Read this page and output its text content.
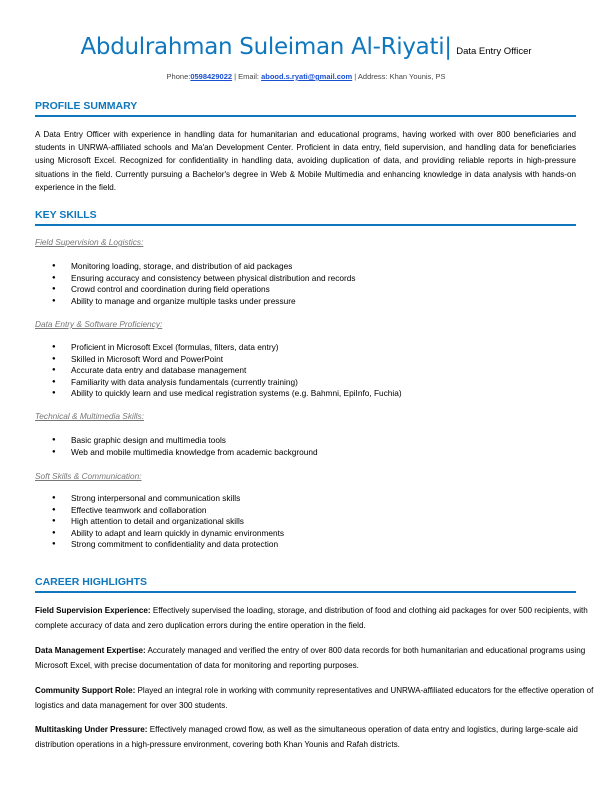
Abdulrahman Suleiman Al-Riyati| Data Entry Officer
Phone:0598429022 | Email: abood.s.ryati@gmail.com | Address: Khan Younis, PS
PROFILE SUMMARY
A Data Entry Officer with experience in handling data for humanitarian and educational programs, having worked with over 800 beneficiaries and students in UNRWA-affiliated schools and Ma'an Development Center. Proficient in data entry, field supervision, and handling data for beneficiaries using Microsoft Excel. Recognized for confidentiality in handling data, avoiding duplication of data, and providing reliable reports in high-pressure situations in the field. Currently pursuing a Bachelor's degree in Web & Mobile Multimedia and enhancing knowledge in data analysis with hands-on experience in the field.
KEY SKILLS
Field Supervision & Logistics:
● Monitoring loading, storage, and distribution of aid packages
● Ensuring accuracy and consistency between physical distribution and records
● Crowd control and coordination during field operations
● Ability to manage and organize multiple tasks under pressure
Data Entry & Software Proficiency:
● Proficient in Microsoft Excel (formulas, filters, data entry)
● Skilled in Microsoft Word and PowerPoint
● Accurate data entry and database management
● Familiarity with data analysis fundamentals (currently training)
● Ability to quickly learn and use medical registration systems (e.g. Bahmni, EpiInfo, Fuchia)
Technical & Multimedia Skills:
● Basic graphic design and multimedia tools
● Web and mobile multimedia knowledge from academic background
Soft Skills & Communication:
● Strong interpersonal and communication skills
● Effective teamwork and collaboration
● High attention to detail and organizational skills
● Ability to adapt and learn quickly in dynamic environments
● Strong commitment to confidentiality and data protection
CAREER HIGHLIGHTS
Field Supervision Experience: Effectively supervised the loading, storage, and distribution of food and clothing aid packages for over 500 recipients, with complete accuracy of data and zero duplication errors during the entire operation in the field.
Data Management Expertise: Accurately managed and verified the entry of over 800 data records for both humanitarian and educational programs using Microsoft Excel, with precise documentation of data for monitoring and reporting purposes.
Community Support Role: Played an integral role in working with community representatives and UNRWA-affiliated educators for the effective operation of logistics and data management for over 300 students.
Multitasking Under Pressure: Effectively managed crowd flow, as well as the simultaneous operation of data entry and logistics, during large-scale aid distribution operations in a high-pressure environment, covering both Khan Younis and Rafah districts.
